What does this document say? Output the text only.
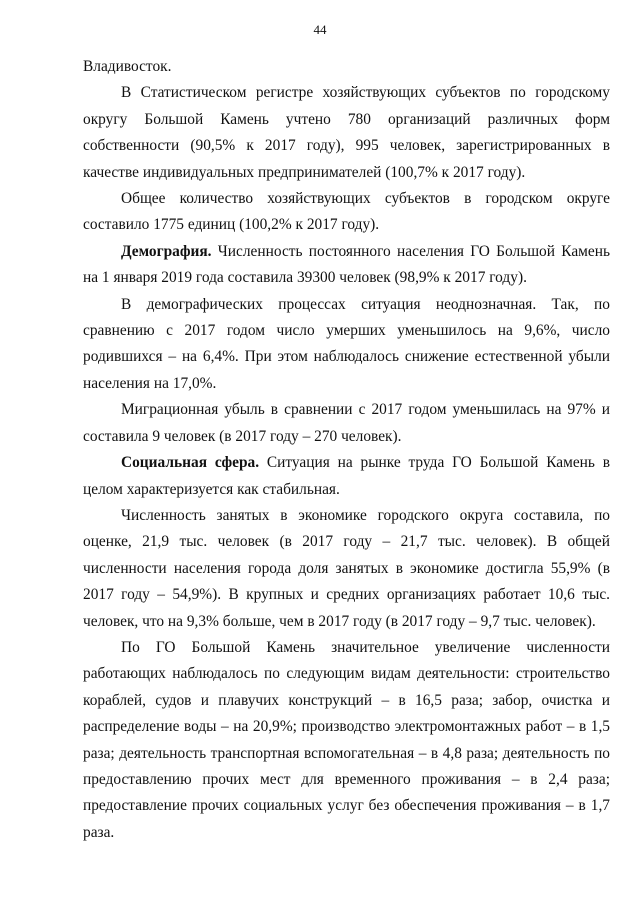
44

Владивосток.

В Статистическом регистре хозяйствующих субъектов по городскому округу Большой Камень учтено 780 организаций различных форм собственности (90,5% к 2017 году), 995 человек, зарегистрированных в качестве индивидуальных предпринимателей (100,7% к 2017 году).

Общее количество хозяйствующих субъектов в городском округе составило 1775 единиц (100,2% к 2017 году).

Демография. Численность постоянного населения ГО Большой Камень на 1 января 2019 года составила 39300 человек (98,9% к 2017 году).

В демографических процессах ситуация неоднозначная. Так, по сравнению с 2017 годом число умерших уменьшилось на 9,6%, число родившихся – на 6,4%. При этом наблюдалось снижение естественной убыли населения на 17,0%.

Миграционная убыль в сравнении с 2017 годом уменьшилась на 97% и составила 9 человек (в 2017 году – 270 человек).

Социальная сфера. Ситуация на рынке труда ГО Большой Камень в целом характеризуется как стабильная.

Численность занятых в экономике городского округа составила, по оценке, 21,9 тыс. человек (в 2017 году – 21,7 тыс. человек). В общей численности населения города доля занятых в экономике достигла 55,9% (в 2017 году – 54,9%). В крупных и средних организациях работает 10,6 тыс. человек, что на 9,3% больше, чем в 2017 году (в 2017 году – 9,7 тыс. человек).

По ГО Большой Камень значительное увеличение численности работающих наблюдалось по следующим видам деятельности: строительство кораблей, судов и плавучих конструкций – в 16,5 раза; забор, очистка и распределение воды – на 20,9%; производство электромонтажных работ – в 1,5 раза; деятельность транспортная вспомогательная – в 4,8 раза; деятельность по предоставлению прочих мест для временного проживания – в 2,4 раза; предоставление прочих социальных услуг без обеспечения проживания – в 1,7 раза.
